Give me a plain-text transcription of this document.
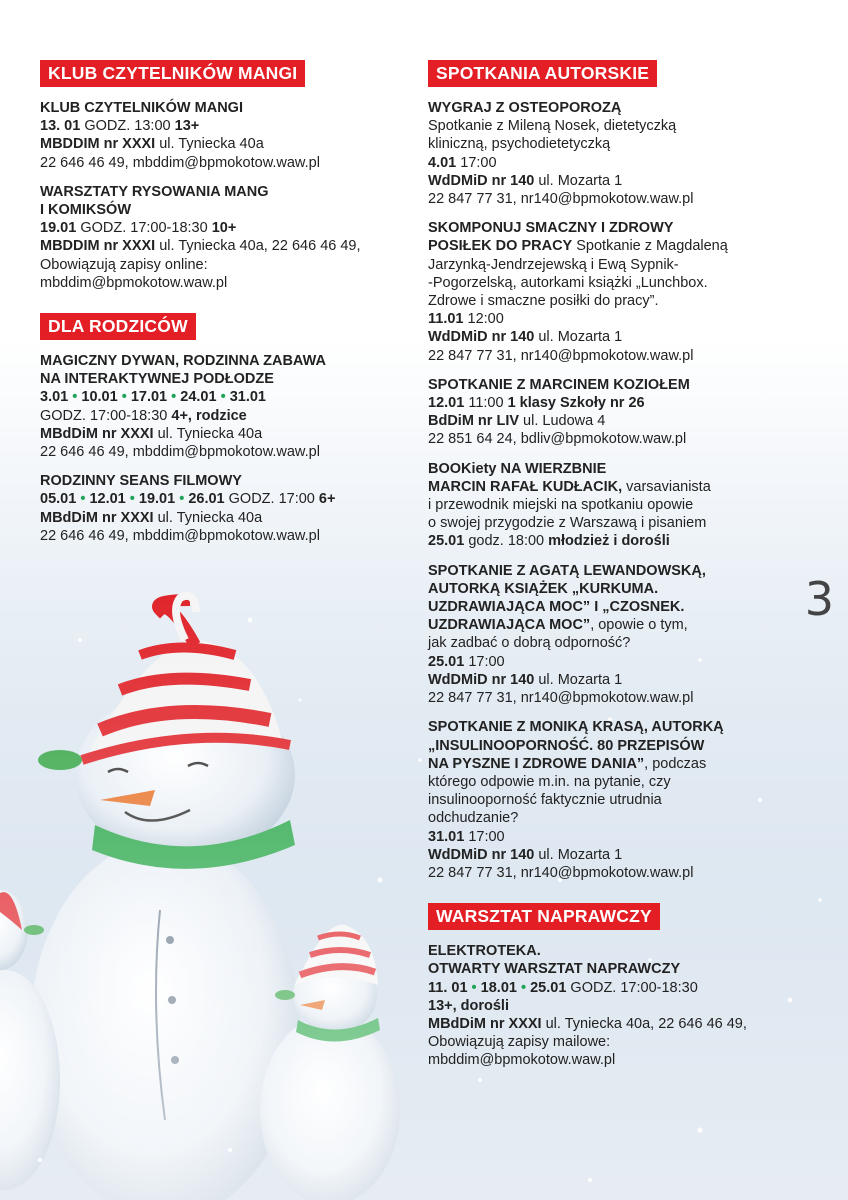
KLUB CZYTELNIKÓW MANGI
KLUB CZYTELNIKÓW MANGI
13. 01 GODZ. 13:00 13+
MBDDIM nr XXXI ul. Tyniecka 40a
22 646 46 49, mbddim@bpmokotow.waw.pl
WARSZTATY RYSOWANIA MANG
I KOMIKSÓW
19.01 GODZ. 17:00-18:30 10+
MBDDIM nr XXXI ul. Tyniecka 40a, 22 646 46 49,
Obowiązują zapisy online:
mbddim@bpmokotow.waw.pl
DLA RODZICÓW
MAGICZNY DYWAN, RODZINNA ZABAWA
NA INTERAKTYWNEJ PODŁODZE
3.01 • 10.01 • 17.01 • 24.01 • 31.01
GODZ. 17:00-18:30 4+, rodzice
MBdDiM nr XXXI ul. Tyniecka 40a
22 646 46 49, mbddim@bpmokotow.waw.pl
RODZINNY SEANS FILMOWY
05.01 • 12.01 • 19.01 • 26.01 GODZ. 17:00 6+
MBdDiM nr XXXI ul. Tyniecka 40a
22 646 46 49, mbddim@bpmokotow.waw.pl
SPOTKANIA AUTORSKIE
WYGRAJ Z OSTEOPOROZĄ
Spotkanie z Mileną Nosek, dietetyczką
kliniczną, psychodietetyczką
4.01 17:00
WdDMiD nr 140 ul. Mozarta 1
22 847 77 31, nr140@bpmokotow.waw.pl
SKOMPONUJ SMACZNY I ZDROWY
POSIŁEK DO PRACY Spotkanie z Magdaleną
Jarzynką-Jendrzejewską i Ewą Sypnik-
-Pogorzelską, autorkami książki „Lunchbox.
Zdrowe i smaczne posiłki do pracy”.
11.01 12:00
WdDMiD nr 140 ul. Mozarta 1
22 847 77 31, nr140@bpmokotow.waw.pl
SPOTKANIE Z MARCINEM KOZIOŁEM
12.01 11:00 1 klasy Szkoły nr 26
BdDiM nr LIV ul. Ludowa 4
22 851 64 24, bdliv@bpmokotow.waw.pl
BOOKiety NA WIERZBNIE
MARCIN RAFAŁ KUDŁACIK, varsavianista
i przewodnik miejski na spotkaniu opowie
o swojej przygodzie z Warszawą i pisaniem
25.01 godz. 18:00 młodzież i dorośli
SPOTKANIE Z AGATĄ LEWANDOWSKĄ,
AUTORKĄ KSIĄŻEK „KURKUMA.
UZDRAWIAJĄCA MOC” I „CZOSNEK.
UZDRAWIAJĄCA MOC”, opowie o tym,
jak zadbać o dobrą odporność?
25.01 17:00
WdDMiD nr 140 ul. Mozarta 1
22 847 77 31, nr140@bpmokotow.waw.pl
SPOTKANIE Z MONIKĄ KRASĄ, AUTORKĄ
„INSULINOOPORNOŚĆ. 80 PRZEPISÓW
NA PYSZNE I ZDROWE DANIA”, podczas
którego odpowie m.in. na pytanie, czy
insulinooporność faktycznie utrudnia
odchudzanie?
31.01 17:00
WdDMiD nr 140 ul. Mozarta 1
22 847 77 31, nr140@bpmokotow.waw.pl
WARSZTAT NAPRAWCZY
ELEKTROTEKA.
OTWARTY WARSZTAT NAPRAWCZY
11. 01 • 18.01 • 25.01 GODZ. 17:00-18:30
13+, dorośli
MBdDiM nr XXXI ul. Tyniecka 40a, 22 646 46 49,
Obowiązują zapisy mailowe:
mbddim@bpmokotow.waw.pl
3
